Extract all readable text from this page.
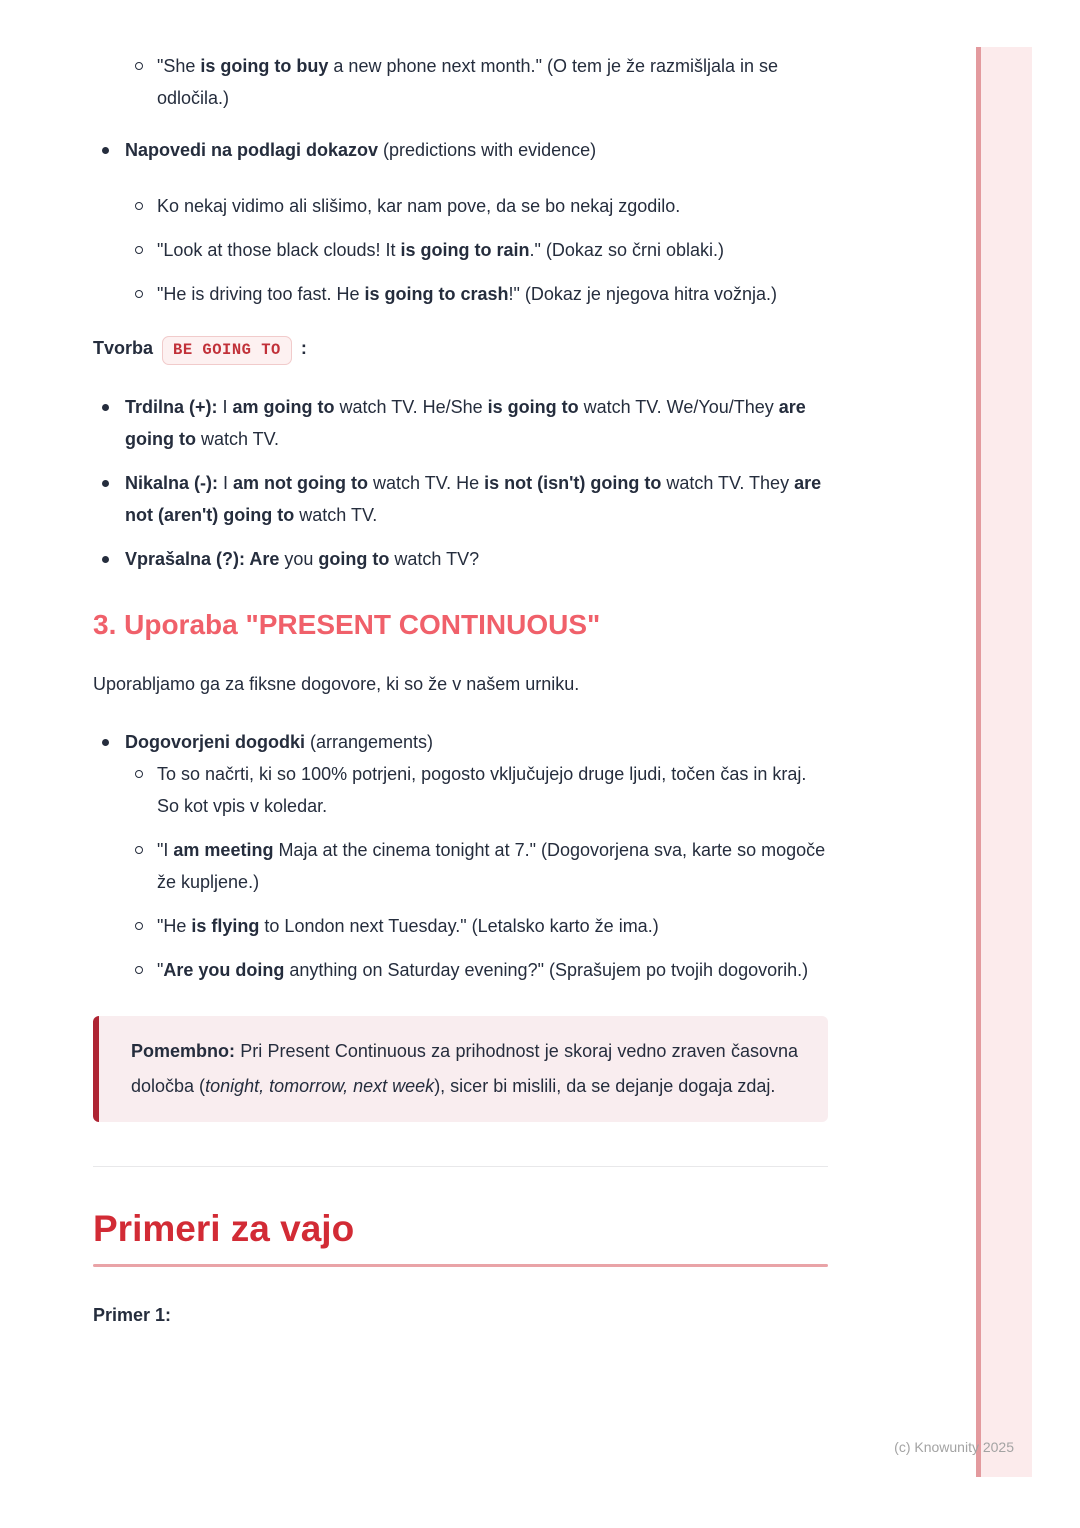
"She is going to buy a new phone next month." (O tem je že razmišljala in se odločila.)
Napovedi na podlagi dokazov (predictions with evidence)
Ko nekaj vidimo ali slišimo, kar nam pove, da se bo nekaj zgodilo.
"Look at those black clouds! It is going to rain." (Dokaz so črni oblaki.)
"He is driving too fast. He is going to crash!" (Dokaz je njegova hitra vožnja.)

Tvorba BE GOING TO :

Trdilna (+): I am going to watch TV. He/She is going to watch TV. We/You/They are going to watch TV.
Nikalna (-): I am not going to watch TV. He is not (isn't) going to watch TV. They are not (aren't) going to watch TV.
Vprašalna (?): Are you going to watch TV?
3. Uporaba "PRESENT CONTINUOUS"

Uporabljamo ga za fiksne dogovore, ki so že v našem urniku.

Dogovorjeni dogodki (arrangements)
To so načrti, ki so 100% potrjeni, pogosto vključujejo druge ljudi, točen čas in kraj. So kot vpis v koledar.
"I am meeting Maja at the cinema tonight at 7." (Dogovorjena sva, karte so mogoče že kupljene.)
"He is flying to London next Tuesday." (Letalsko karto že ima.)
"Are you doing anything on Saturday evening?" (Sprašujem po tvojih dogovorih.)

Pomembno: Pri Present Continuous za prihodnost je skoraj vedno zraven časovna določba (tonight, tomorrow, next week), sicer bi mislili, da se dejanje dogaja zdaj.

Primeri za vajo

Primer 1:

(c) Knowunity 2025
